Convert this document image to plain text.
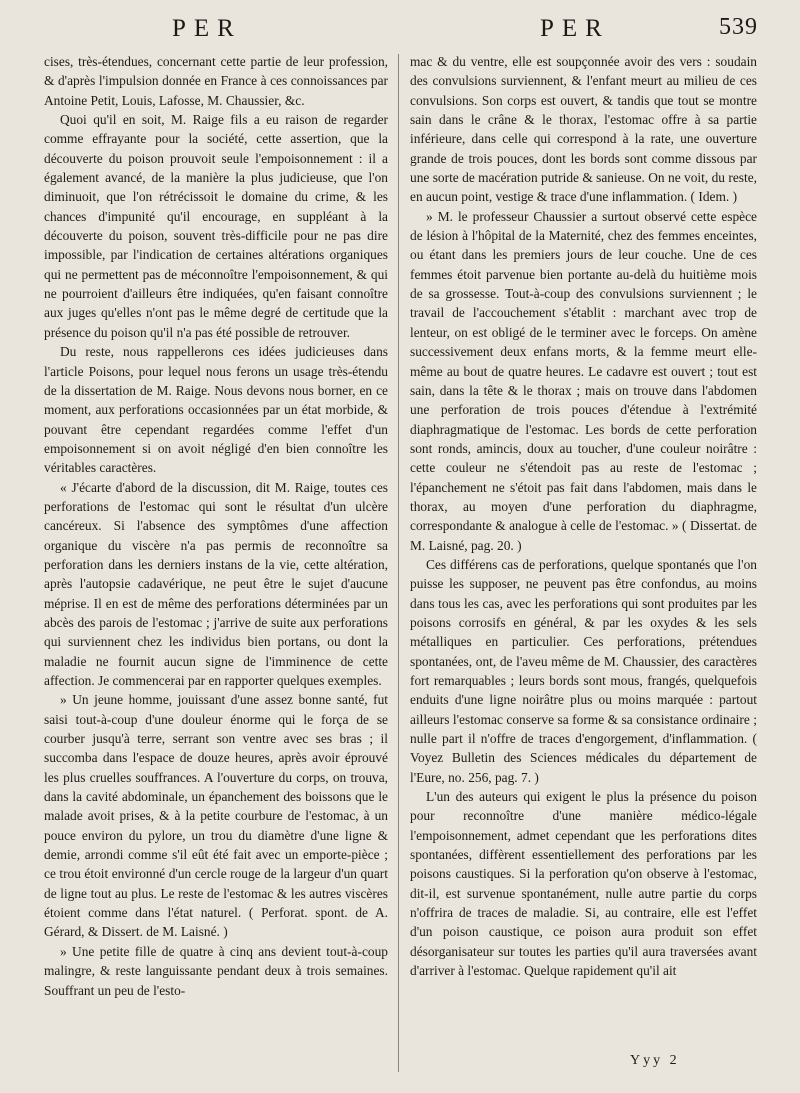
PER	PER	539

cises, très-étendues, concernant cette partie de leur profession, & d'après l'impulsion donnée en France à ces connoissances par Antoine Petit, Louis, Lafosse, M. Chaussier, &c.

Quoi qu'il en soit, M. Raige fils a eu raison de regarder comme effrayante pour la société, cette assertion, que la découverte du poison prouvoit seule l'empoisonnement : il a également avancé, de la manière la plus judicieuse, que l'on diminuoit, que l'on rétrécissoit le domaine du crime, & les chances d'impunité qu'il encourage, en suppléant à la découverte du poison, souvent très-difficile pour ne pas dire impossible, par l'indication de certaines altérations organiques qui ne permettent pas de méconnoître l'empoisonnement, & qui ne pourroient d'ailleurs être indiquées, qu'en faisant connoître aux juges qu'elles n'ont pas le même degré de certitude que la présence du poison qu'il n'a pas été possible de retrouver.

Du reste, nous rappellerons ces idées judicieuses dans l'article Poisons, pour lequel nous ferons un usage très-étendu de la dissertation de M. Raige. Nous devons nous borner, en ce moment, aux perforations occasionnées par un état morbide, & pouvant être cependant regardées comme l'effet d'un empoisonnement si on avoit négligé d'en bien connoître les véritables caractères.

« J'écarte d'abord de la discussion, dit M. Raige, toutes ces perforations de l'estomac qui sont le résultat d'un ulcère cancéreux. Si l'absence des symptômes d'une affection organique du viscère n'a pas permis de reconnoître sa perforation dans les derniers instans de la vie, cette altération, après l'autopsie cadavérique, ne peut être le sujet d'aucune méprise. Il en est de même des perforations déterminées par un abcès des parois de l'estomac ; j'arrive de suite aux perforations qui surviennent chez les individus bien portans, ou dont la maladie ne fournit aucun signe de l'imminence de cette affection. Je commencerai par en rapporter quelques exemples.

» Un jeune homme, jouissant d'une assez bonne santé, fut saisi tout-à-coup d'une douleur énorme qui le força de se courber jusqu'à terre, serrant son ventre avec ses bras ; il succomba dans l'espace de douze heures, après avoir éprouvé les plus cruelles souffrances. A l'ouverture du corps, on trouva, dans la cavité abdominale, un épanchement des boissons que le malade avoit prises, & à la petite courbure de l'estomac, à un pouce environ du pylore, un trou du diamètre d'une ligne & demie, arrondi comme s'il eût été fait avec un emporte-pièce ; ce trou étoit environné d'un cercle rouge de la largeur d'un quart de ligne tout au plus. Le reste de l'estomac & les autres viscères étoient comme dans l'état naturel. ( Perforat. spont. de A. Gérard, & Dissert. de M. Laisné. )

» Une petite fille de quatre à cinq ans devient tout-à-coup malingre, & reste languissante pendant deux à trois semaines. Souffrant un peu de l'esto-

mac & du ventre, elle est soupçonnée avoir des vers : soudain des convulsions surviennent, & l'enfant meurt au milieu de ces convulsions. Son corps est ouvert, & tandis que tout se montre sain dans le crâne & le thorax, l'estomac offre à sa partie inférieure, dans celle qui correspond à la rate, une ouverture grande de trois pouces, dont les bords sont comme dissous par une sorte de macération putride & sanieuse. On ne voit, du reste, en aucun point, vestige & trace d'une inflammation. ( Idem. )

» M. le professeur Chaussier a surtout observé cette espèce de lésion à l'hôpital de la Maternité, chez des femmes enceintes, ou étant dans les premiers jours de leur couche. Une de ces femmes étoit parvenue bien portante au-delà du huitième mois de sa grossesse. Tout-à-coup des convulsions surviennent ; le travail de l'accouchement s'établit : marchant avec trop de lenteur, on est obligé de le terminer avec le forceps. On amène successivement deux enfans morts, & la femme meurt elle-même au bout de quatre heures. Le cadavre est ouvert ; tout est sain, dans la tête & le thorax ; mais on trouve dans l'abdomen une perforation de trois pouces d'étendue à l'extrémité diaphragmatique de l'estomac. Les bords de cette perforation sont ronds, amincis, doux au toucher, d'une couleur noirâtre : cette couleur ne s'étendoit pas au reste de l'estomac ; l'épanchement ne s'étoit pas fait dans l'abdomen, mais dans le thorax, au moyen d'une perforation du diaphragme, correspondante & analogue à celle de l'estomac. » ( Dissertat. de M. Laisné, pag. 20. )

Ces différens cas de perforations, quelque spontanés que l'on puisse les supposer, ne peuvent pas être confondus, au moins dans tous les cas, avec les perforations qui sont produites par les poisons corrosifs en général, & par les oxydes & les sels métalliques en particulier. Ces perforations, prétendues spontanées, ont, de l'aveu même de M. Chaussier, des caractères fort remarquables ; leurs bords sont mous, frangés, quelquefois enduits d'une ligne noirâtre plus ou moins marquée : partout ailleurs l'estomac conserve sa forme & sa consistance ordinaire ; nulle part il n'offre de traces d'engorgement, d'inflammation. ( Voyez Bulletin des Sciences médicales du département de l'Eure, no. 256, pag. 7. )

L'un des auteurs qui exigent le plus la présence du poison pour reconnoître d'une manière médico-légale l'empoisonnement, admet cependant que les perforations dites spontanées, diffèrent essentiellement des perforations par les poisons caustiques. Si la perforation qu'on observe à l'estomac, dit-il, est survenue spontanément, nulle autre partie du corps n'offrira de traces de maladie. Si, au contraire, elle est l'effet d'un poison caustique, ce poison aura produit son effet désorganisateur sur toutes les parties qu'il aura traversées avant d'arriver à l'estomac. Quelque rapidement qu'il ait

Yyy 2
